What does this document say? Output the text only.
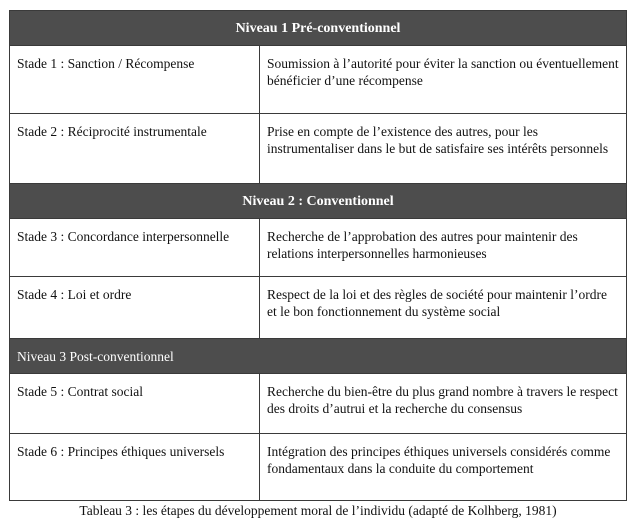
Niveau 1 Pré-conventionnel	
Stade 1 : Sanction / Récompense	Soumission à l’autorité pour éviter la sanction ou éventuellement bénéficier d’une récompense
Stade 2 : Réciprocité instrumentale	Prise en compte de l’existence des autres, pour les instrumentaliser dans le but de satisfaire ses intérêts personnels
Niveau 2 : Conventionnel	
Stade 3 : Concordance interpersonnelle	Recherche de l’approbation des autres pour maintenir des relations interpersonnelles harmonieuses
Stade 4 : Loi et ordre	Respect de la loi et des règles de société pour maintenir l’ordre et le bon fonctionnement du système social
Niveau 3 Post-conventionnel	
Stade 5 : Contrat social	Recherche du bien-être du plus grand nombre à travers le respect des droits d’autrui et la recherche du consensus
Stade 6 : Principes éthiques universels	Intégration des principes éthiques universels considérés comme fondamentaux dans la conduite du comportement
Tableau 3 : les étapes du développement moral de l’individu (adapté de Kolhberg, 1981)
